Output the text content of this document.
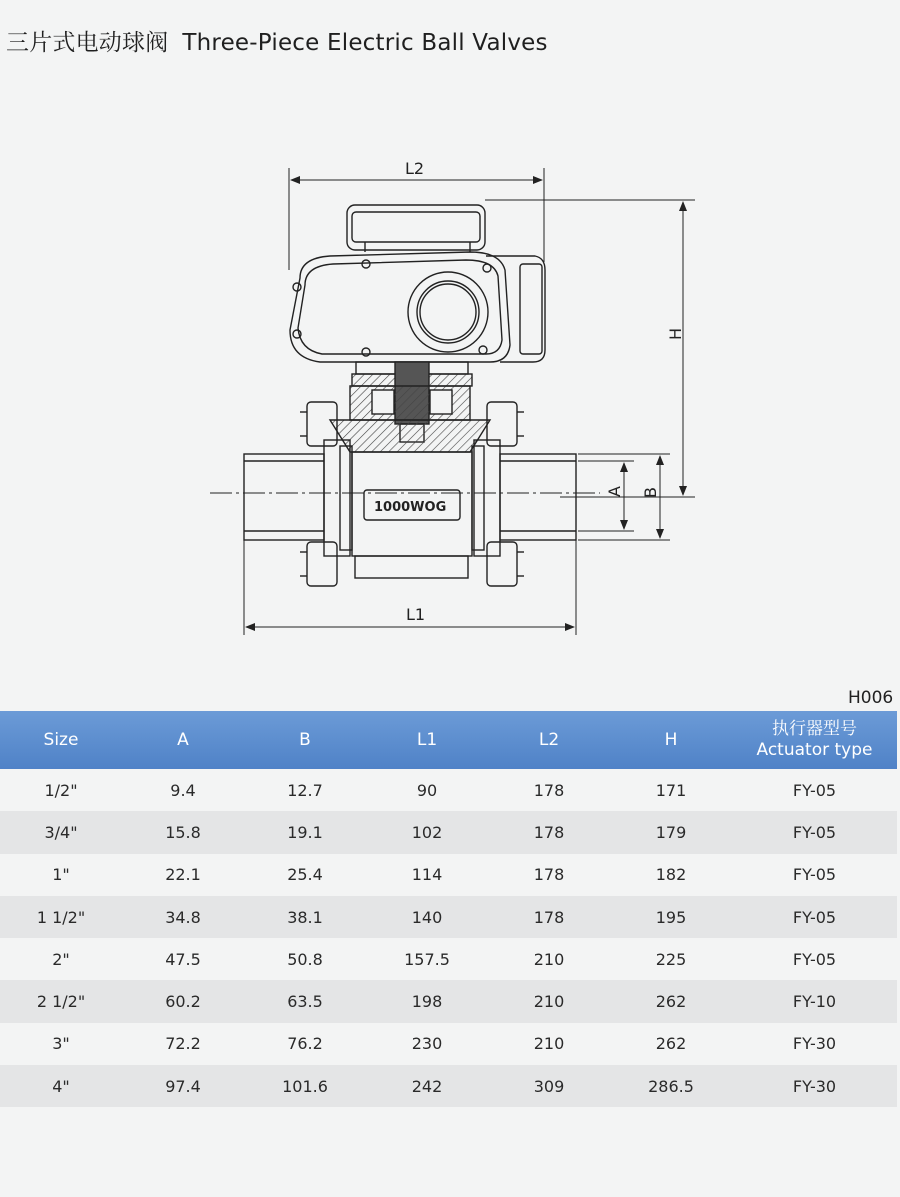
三片式电动球阀 Three-Piece Electric Ball Valves
L2
H
A B
L1
1000WOG
H006
Size	A	B	L1	L2	H
执行器型号
Actuator type
1/2"	9.4	12.7	90	178	171	FY-05
3/4"	15.8	19.1	102	178	179	FY-05
1"	22.1	25.4	114	178	182	FY-05
1 1/2"	34.8	38.1	140	178	195	FY-05
2"	47.5	50.8	157.5	210	225	FY-05
2 1/2"	60.2	63.5	198	210	262	FY-10
3"	72.2	76.2	230	210	262	FY-30
4"	97.4	101.6	242	309	286.5	FY-30
